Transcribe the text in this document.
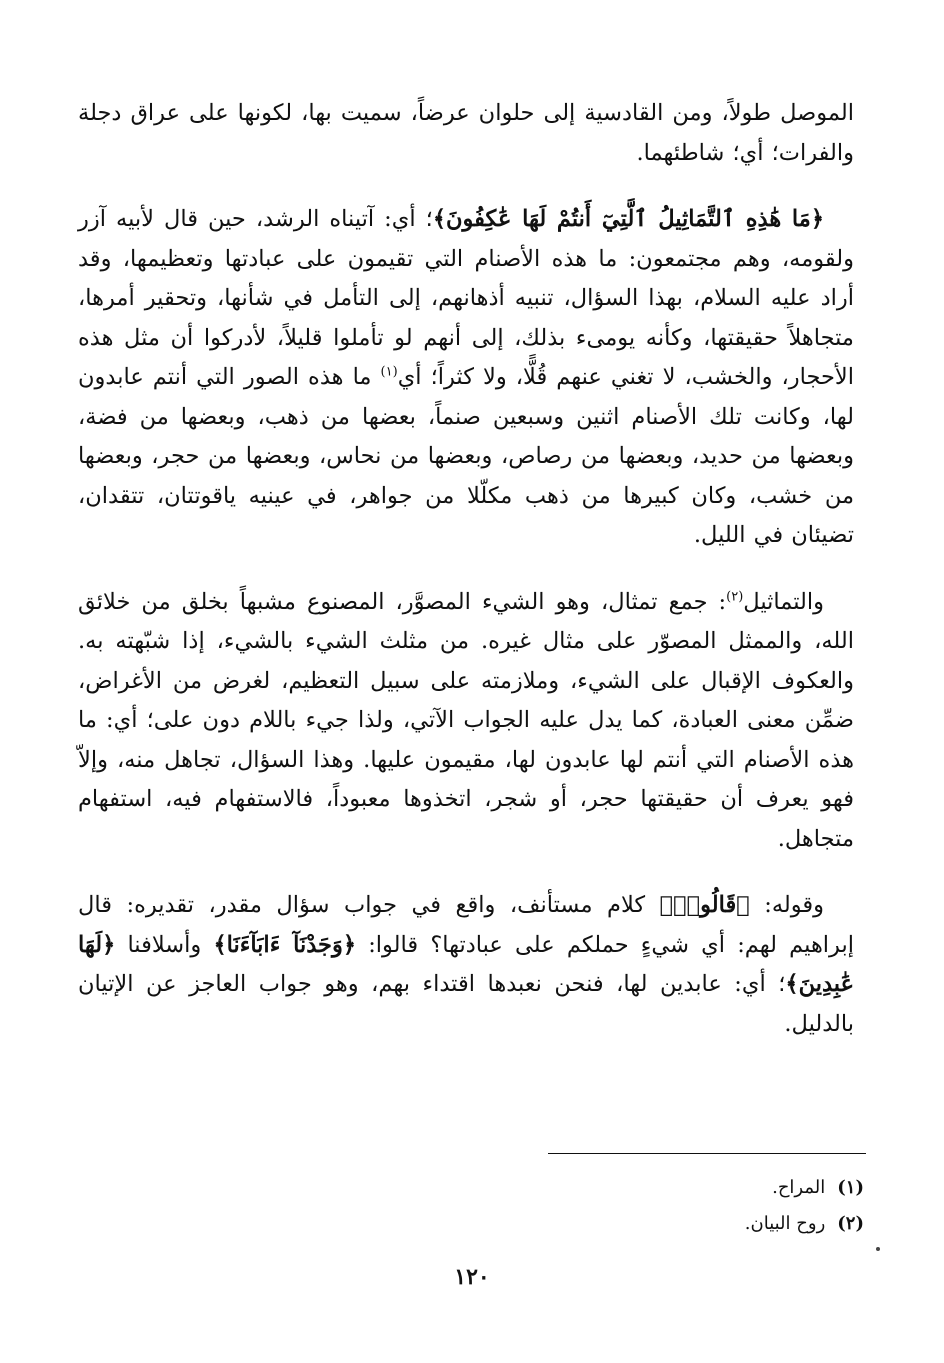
الموصل طولاً، ومن القادسية إلى حلوان عرضاً، سميت بها، لكونها على عراق دجلة والفرات؛ أي؛ شاطئهما.

﴿مَا هَٰذِهِ ٱلتَّمَاثِيلُ ٱلَّتِيٓ أَنتُمْ لَهَا عَٰكِفُونَ﴾؛ أي: آتيناه الرشد، حين قال لأبيه آزر ولقومه، وهم مجتمعون: ما هذه الأصنام التي تقيمون على عبادتها وتعظيمها، وقد أراد عليه السلام، بهذا السؤال، تنبيه أذهانهم، إلى التأمل في شأنها، وتحقير أمرها، متجاهلاً حقيقتها، وكأنه يومىء بذلك، إلى أنهم لو تأملوا قليلاً، لأدركوا أن مثل هذه الأحجار، والخشب، لا تغني عنهم قُلًّا، ولا كثراً؛ أي$^{(١)}$ ما هذه الصور التي أنتم عابدون لها، وكانت تلك الأصنام اثنين وسبعين صنماً، بعضها من ذهب، وبعضها من فضة، وبعضها من حديد، وبعضها من رصاص، وبعضها من نحاس، وبعضها من حجر، وبعضها من خشب، وكان كبيرها من ذهب مكلّلا من جواهر، في عينيه ياقوتتان، تتقدان، تضيئان في الليل.

والتماثيل$^{(٢)}$: جمع تمثال، وهو الشيء المصوَّر، المصنوع مشبهاً بخلق من خلائق الله، والممثل المصوّر على مثال غيره. من مثلث الشيء بالشيء، إذا شبّهته به. والعكوف الإقبال على الشيء، وملازمته على سبيل التعظيم، لغرض من الأغراض، ضمِّن معنى العبادة، كما يدل عليه الجواب الآتي، ولذا جيء باللام دون على؛ أي: ما هذه الأصنام التي أنتم لها عابدون لها، مقيمون عليها. وهذا السؤال، تجاهل منه، وإلاّ فهو يعرف أن حقيقتها حجر، أو شجر، اتخذوها معبوداً، فالاستفهام فيه، استفهام متجاهل.

وقوله: ﴿قَالُوا۟﴾ كلام مستأنف، واقع في جواب سؤال مقدر، تقديره: قال إبراهيم لهم: أي شيءٍ حملكم على عبادتها؟ قالوا: ﴿وَجَدْنَآ ءَابَآءَنَا﴾ وأسلافنا ﴿لَهَا عَٰبِدِينَ﴾؛ أي: عابدين لها، فنحن نعبدها اقتداء بهم، وهو جواب العاجز عن الإتيان بالدليل.

(١)المراح.
(٢)روح البيان.
١٢٠
